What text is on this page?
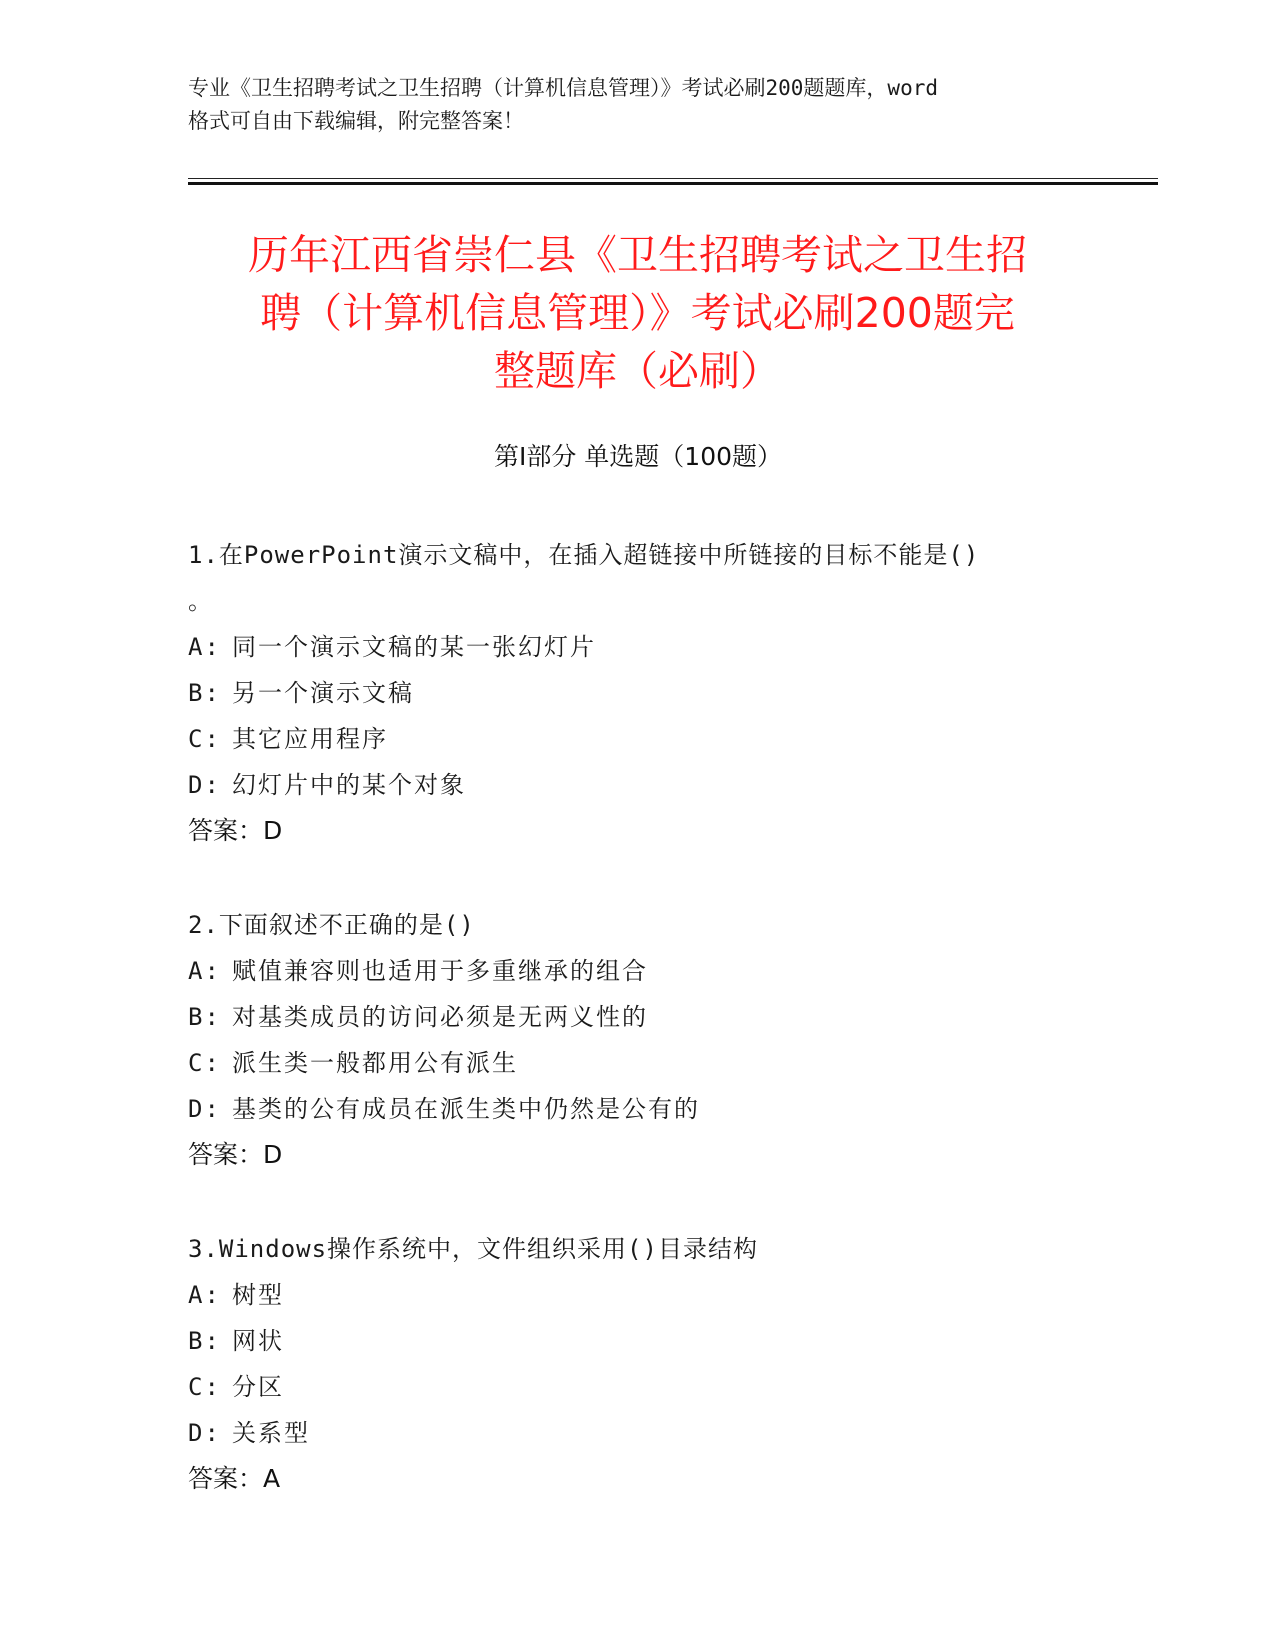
专业《卫生招聘考试之卫生招聘（计算机信息管理）》考试必刷200题题库，word
格式可自由下载编辑，附完整答案！
历年江西省崇仁县《卫生招聘考试之卫生招
聘（计算机信息管理）》考试必刷200题完
整题库（必刷）
第Ⅰ部分 单选题（100题）
1.在PowerPoint演示文稿中，在插入超链接中所链接的目标不能是()
。
A: 同一个演示文稿的某一张幻灯片
B: 另一个演示文稿
C: 其它应用程序
D: 幻灯片中的某个对象
答案：D
2.下面叙述不正确的是()
A: 赋值兼容则也适用于多重继承的组合
B: 对基类成员的访问必须是无两义性的
C: 派生类一般都用公有派生
D: 基类的公有成员在派生类中仍然是公有的
答案：D
3.Windows操作系统中，文件组织采用()目录结构
A: 树型
B: 网状
C: 分区
D: 关系型
答案：A
